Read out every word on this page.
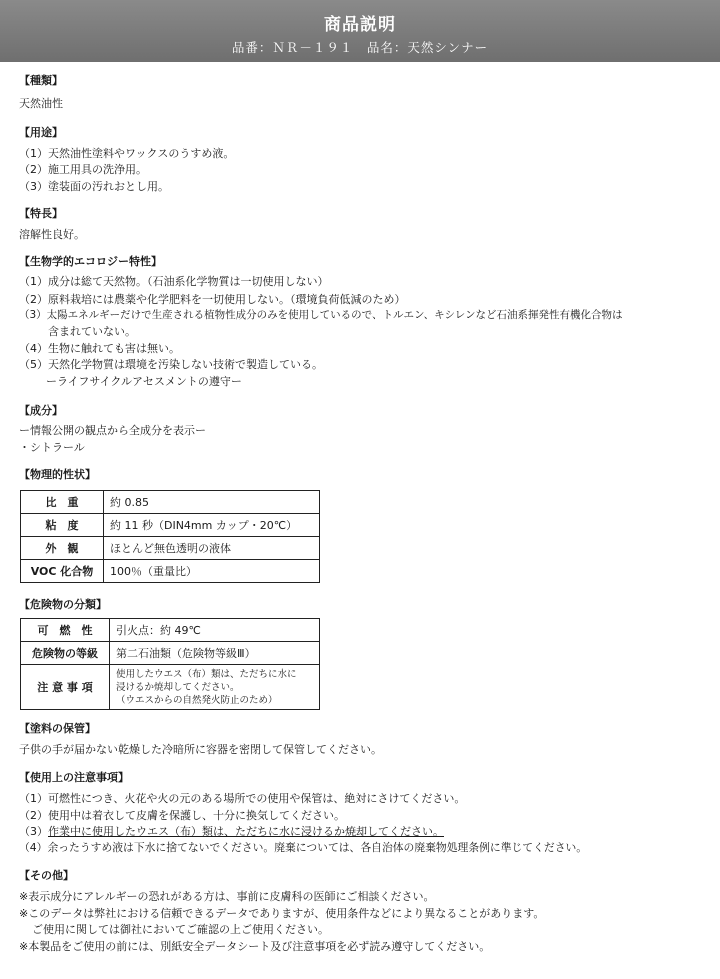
商品説明
品番：ＮＲ－１９１　品名：天然シンナー
【種類】
天然油性
【用途】
（1）天然油性塗料やワックスのうすめ液。
（2）施工用具の洗浄用。
（3）塗装面の汚れおとし用。
【特長】
溶解性良好。
【生物学的エコロジー特性】
（1）成分は総て天然物。（石油系化学物質は一切使用しない）
（2）原料栽培には農薬や化学肥料を一切使用しない。（環境負荷低減のため）
（3）太陽エネルギーだけで生産される植物性成分のみを使用しているので、トルエン、キシレンなど石油系揮発性有機化合物は
含まれていない。
（4）生物に触れても害は無い。
（5）天然化学物質は環境を汚染しない技術で製造している。
ーライフサイクルアセスメントの遵守ー
【成分】
ー情報公開の観点から全成分を表示ー
・シトラール
【物理的性状】
比　重	約 0.85
粘　度	約 11 秒（DIN4mm カップ・20℃）
外　観	ほとんど無色透明の液体
VOC 化合物	100％（重量比）
【危険物の分類】
可　燃　性	引火点：約 49℃
危険物の等級	第二石油類（危険物等級Ⅲ）
注 意 事 項	使用したウエス（布）類は、ただちに水に
浸けるか焼却してください。
（ウエスからの自然発火防止のため）
【塗料の保管】
子供の手が届かない乾燥した冷暗所に容器を密閉して保管してください。
【使用上の注意事項】
（1）可燃性につき、火花や火の元のある場所での使用や保管は、絶対にさけてください。
（2）使用中は着衣して皮膚を保護し、十分に換気してください。
（3）作業中に使用したウエス（布）類は、ただちに水に浸けるか焼却してください。
（4）余ったうすめ液は下水に捨てないでください。廃棄については、各自治体の廃棄物処理条例に準じてください。
【その他】
※表示成分にアレルギーの恐れがある方は、事前に皮膚科の医師にご相談ください。
※このデータは弊社における信頼できるデータでありますが、使用条件などにより異なることがあります。
ご使用に関しては御社においてご確認の上ご使用ください。
※本製品をご使用の前には、別紙安全データシート及び注意事項を必ず読み遵守してください。
